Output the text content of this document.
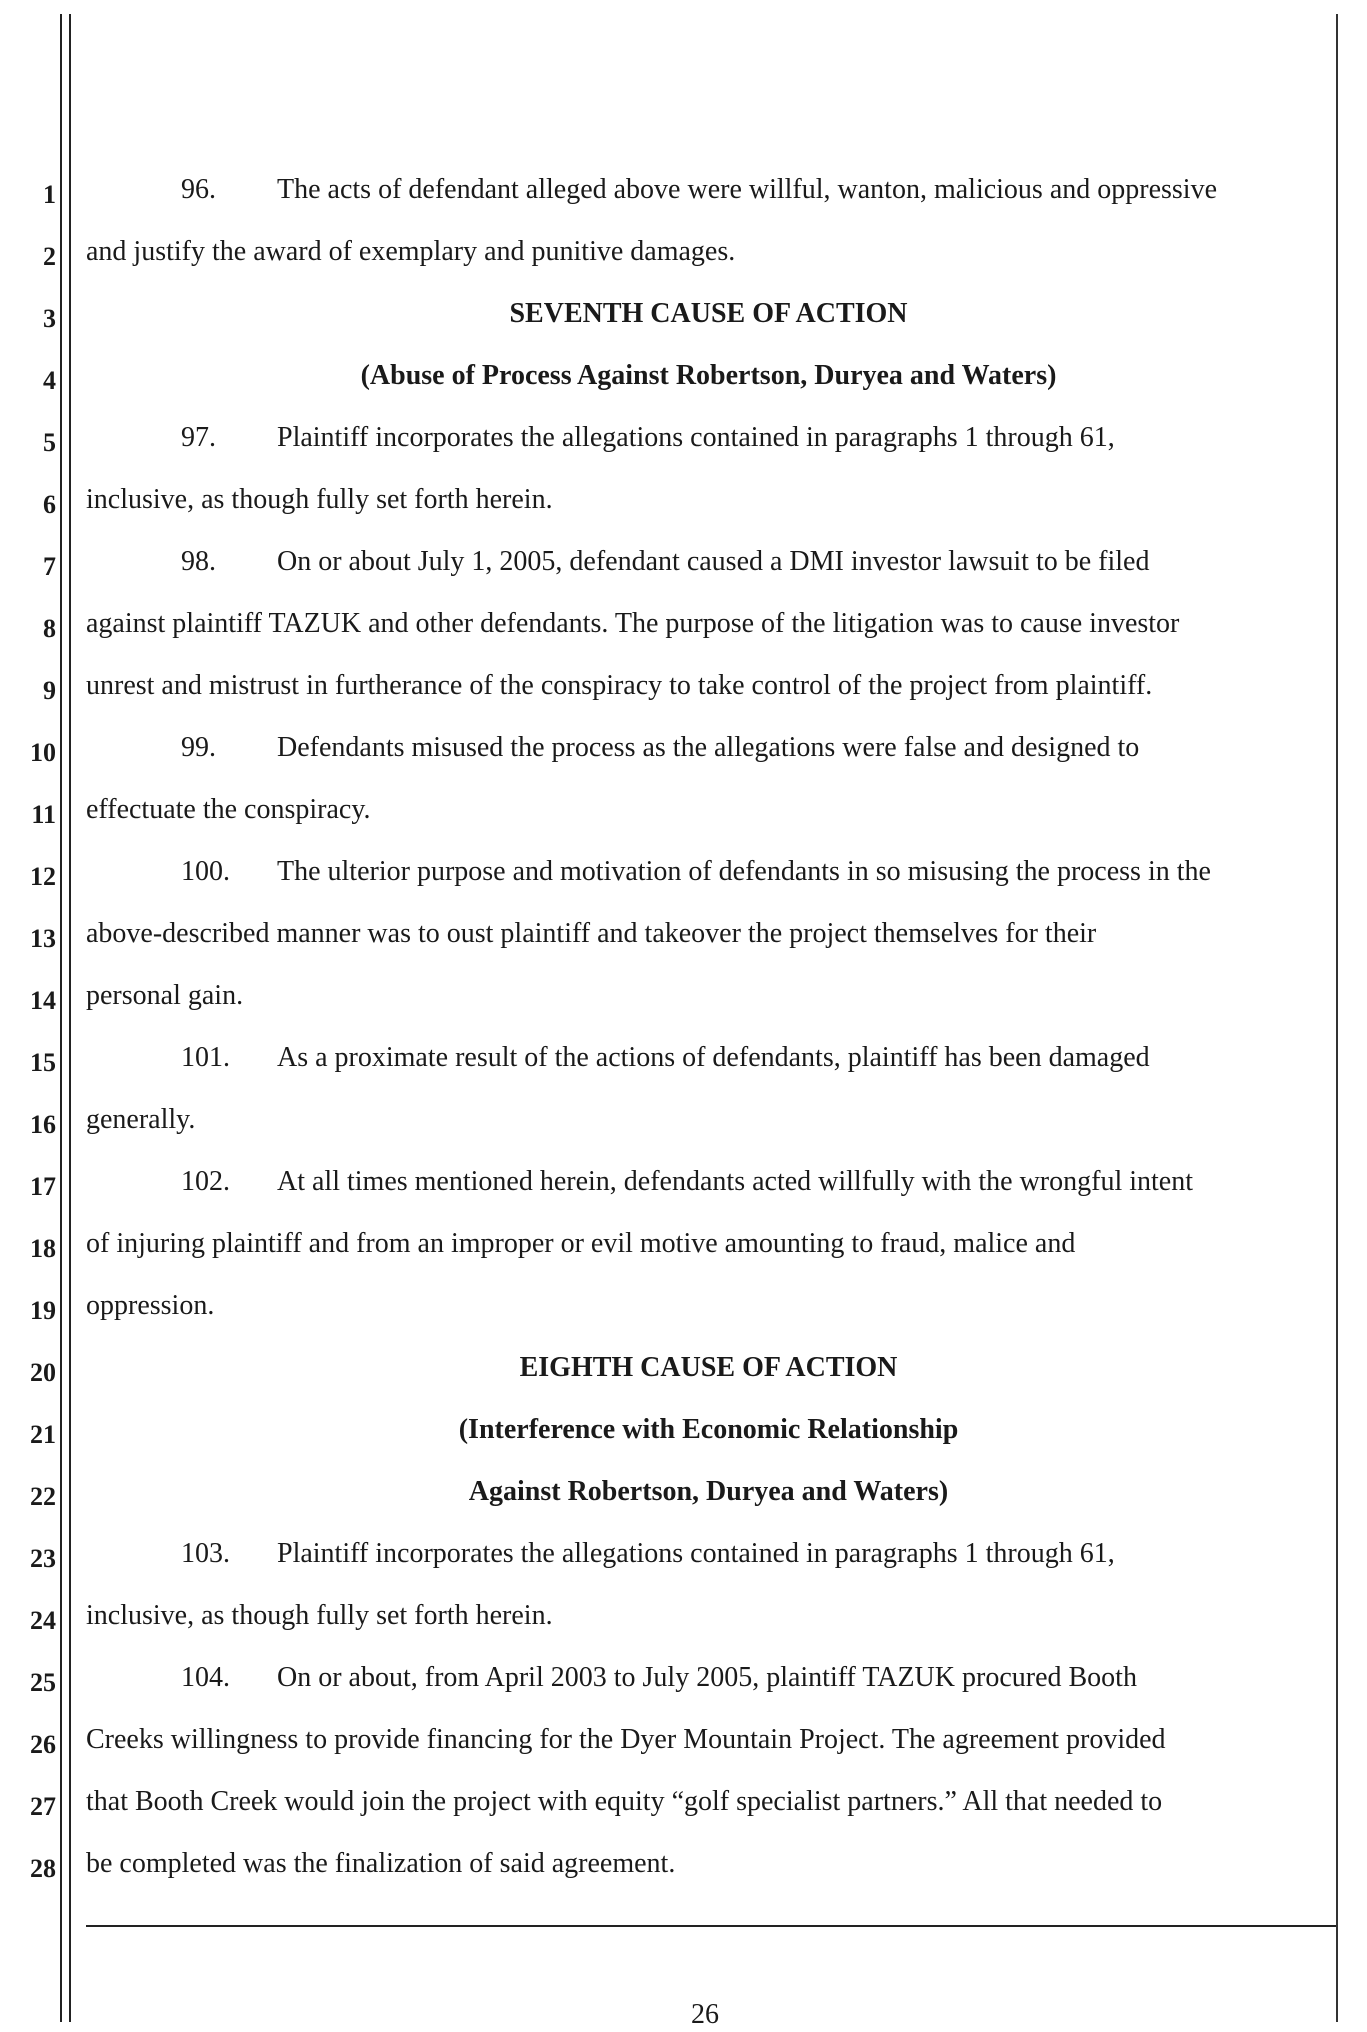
1
2
3
4
5
6
7
8
9
10
11
12
13
14
15
16
17
18
19
20
21
22
23
24
25
26
27
28
96. The acts of defendant alleged above were willful, wanton, malicious and oppressive
and justify the award of exemplary and punitive damages.
SEVENTH CAUSE OF ACTION
(Abuse of Process Against Robertson, Duryea and Waters)
97. Plaintiff incorporates the allegations contained in paragraphs 1 through 61,
inclusive, as though fully set forth herein.
98. On or about July 1, 2005, defendant caused a DMI investor lawsuit to be filed
against plaintiff TAZUK and other defendants. The purpose of the litigation was to cause investor
unrest and mistrust in furtherance of the conspiracy to take control of the project from plaintiff.
99. Defendants misused the process as the allegations were false and designed to
effectuate the conspiracy.
100. The ulterior purpose and motivation of defendants in so misusing the process in the
above-described manner was to oust plaintiff and takeover the project themselves for their
personal gain.
101. As a proximate result of the actions of defendants, plaintiff has been damaged
generally.
102. At all times mentioned herein, defendants acted willfully with the wrongful intent
of injuring plaintiff and from an improper or evil motive amounting to fraud, malice and
oppression.
EIGHTH CAUSE OF ACTION
(Interference with Economic Relationship
Against Robertson, Duryea and Waters)
103. Plaintiff incorporates the allegations contained in paragraphs 1 through 61,
inclusive, as though fully set forth herein.
104. On or about, from April 2003 to July 2005, plaintiff TAZUK procured Booth
Creeks willingness to provide financing for the Dyer Mountain Project. The agreement provided
that Booth Creek would join the project with equity “golf specialist partners.” All that needed to
be completed was the finalization of said agreement.
26
